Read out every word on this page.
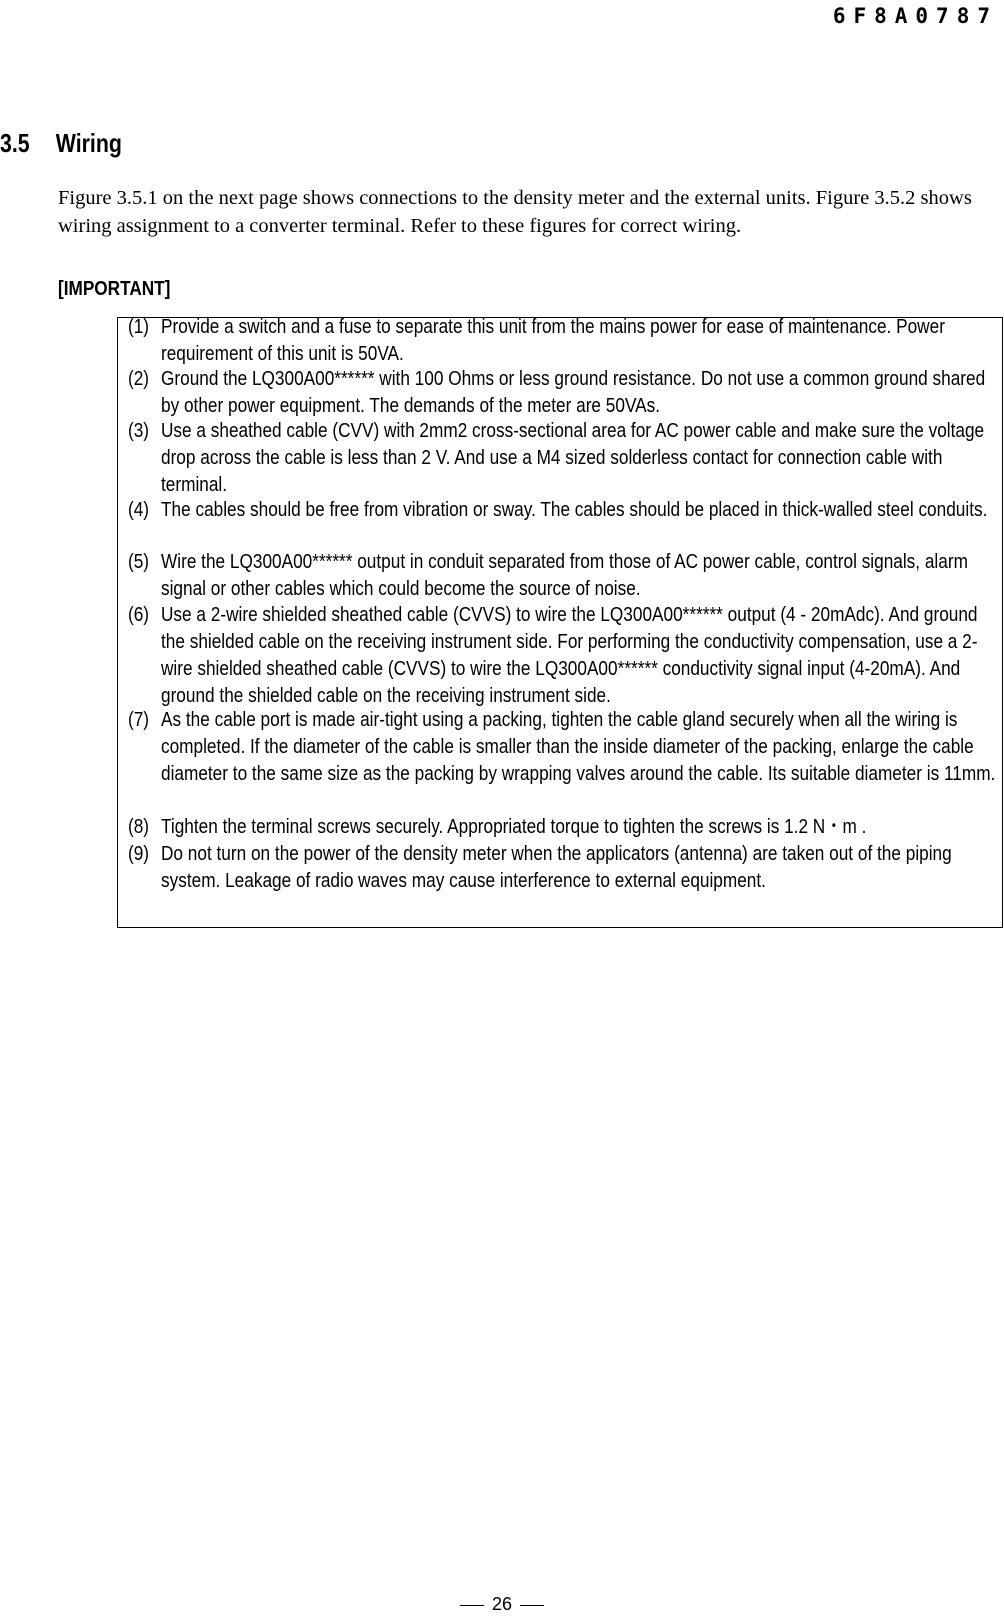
6F8A0787
3.5 Wiring

Figure 3.5.1 on the next page shows connections to the density meter and the external units. Figure 3.5.2 shows wiring assignment to a converter terminal. Refer to these figures for correct wiring.

[IMPORTANT]
(1) Provide a switch and a fuse to separate this unit from the mains power for ease of maintenance. Power requirement of this unit is 50VA.
(2) Ground the LQ300A00****** with 100 Ohms or less ground resistance. Do not use a common ground shared by other power equipment. The demands of the meter are 50VAs.
(3) Use a sheathed cable (CVV) with 2mm2 cross-sectional area for AC power cable and make sure the voltage drop across the cable is less than 2 V. And use a M4 sized solderless contact for connection cable with terminal.
(4) The cables should be free from vibration or sway. The cables should be placed in thick-walled steel conduits.
(5) Wire the LQ300A00****** output in conduit separated from those of AC power cable, control signals, alarm signal or other cables which could become the source of noise.
(6) Use a 2-wire shielded sheathed cable (CVVS) to wire the LQ300A00****** output (4 - 20mAdc). And ground the shielded cable on the receiving instrument side. For performing the conductivity compensation, use a 2-wire shielded sheathed cable (CVVS) to wire the LQ300A00****** conductivity signal input (4-20mA). And ground the shielded cable on the receiving instrument side.
(7) As the cable port is made air-tight using a packing, tighten the cable gland securely when all the wiring is completed. If the diameter of the cable is smaller than the inside diameter of the packing, enlarge the cable diameter to the same size as the packing by wrapping valves around the cable. Its suitable diameter is 11mm.
(8) Tighten the terminal screws securely. Appropriated torque to tighten the screws is 1.2 N・m .
(9) Do not turn on the power of the density meter when the applicators (antenna) are taken out of the piping system. Leakage of radio waves may cause interference to external equipment.
26
